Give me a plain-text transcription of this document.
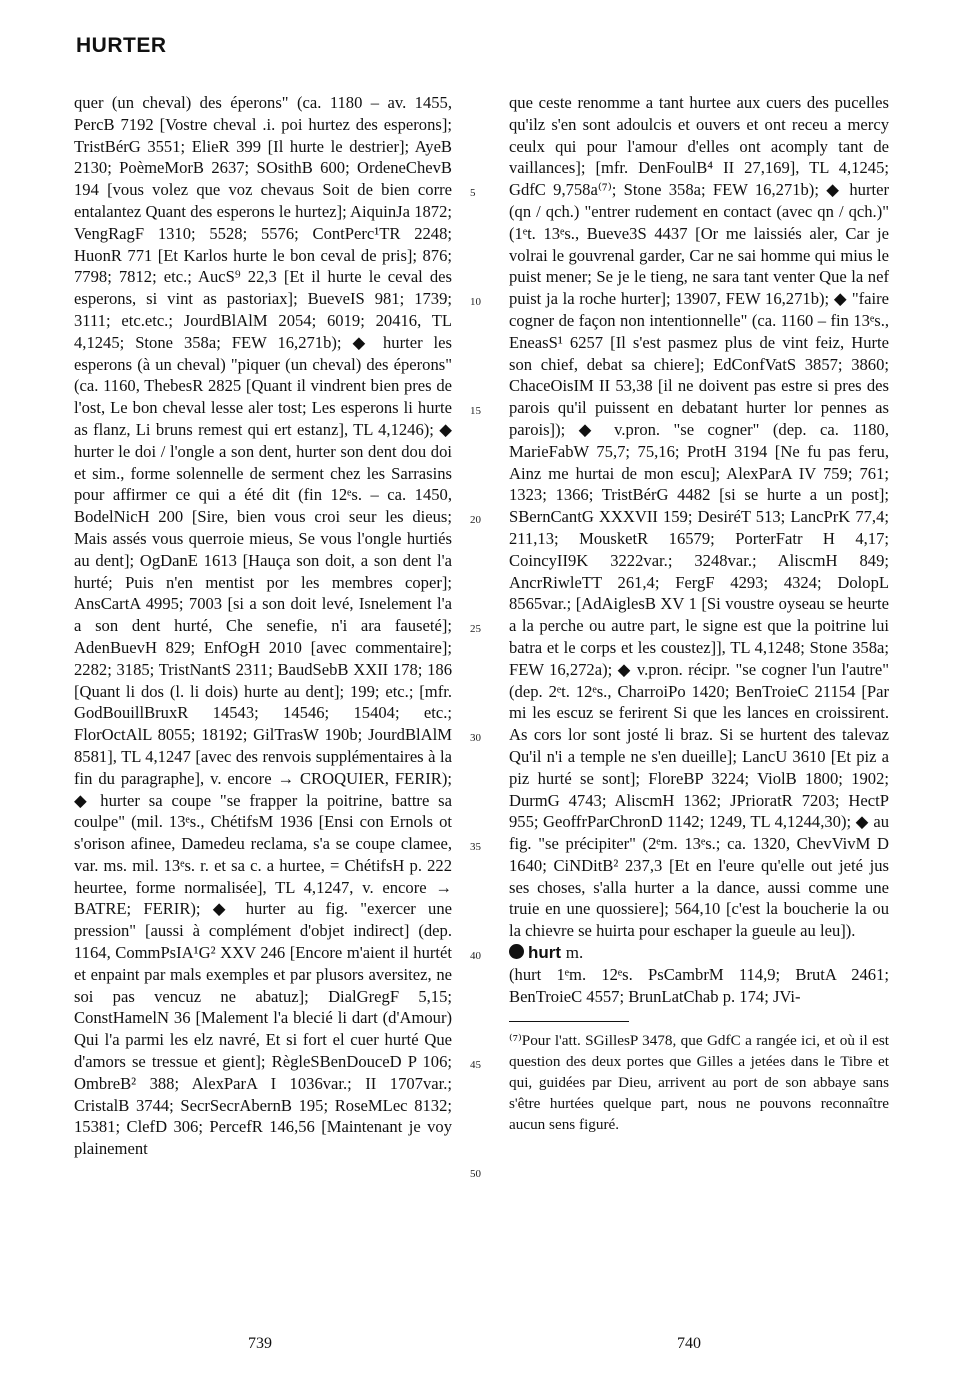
HURTER

quer (un cheval) des éperons" (ca. 1180 – av. 1455, PercB 7192 [Vostre cheval .i. poi hurtez des esperons]; TristBérG 3551; ElieR 399 [Il hurte le destrier]; AyeB 2130; PoèmeMorB 2637; SOsithB 600; OrdeneChevB 194 [vous volez que voz chevaus Soit de bien corre entalantez Quant des esperons le hurtez]; AiquinJa 1872; VengRagF 1310; 5528; 5576; ContPerc¹TR 2248; HuonR 771 [Et Karlos hurte le bon ceval de pris]; 876; 7798; 7812; etc.; AucS⁹ 22,3 [Et il hurte le ceval des esperons, si vint as pastoriax]; BueveIS 981; 1739; 3111; etc.etc.; JourdBlAlM 2054; 6019; 20416, TL 4,1245; Stone 358a; FEW 16,271b); ◆ hurter les esperons (à un cheval) "piquer (un cheval) des éperons" (ca. 1160, ThebesR 2825 [Quant il vindrent bien pres de l'ost, Le bon cheval lesse aler tost; Les esperons li hurte as flanz, Li bruns remest qui ert estanz], TL 4,1246); ◆ hurter le doi / l'ongle a son dent, hurter son dent dou doi et sim., forme solennelle de serment chez les Sarrasins pour affirmer ce qui a été dit (fin 12ᵉs. – ca. 1450, BodelNicH 200 [Sire, bien vous croi seur les dieus; Mais assés vous querroie mieus, Se vous l'ongle hurtiés au dent]; OgDanE 1613 [Hauça son doit, a son dent l'a hurté; Puis n'en mentist por les membres coper]; AnsCartA 4995; 7003 [si a son doit levé, Isnelement l'a a son dent hurté, Che senefie, n'i ara fauseté]; AdenBuevH 829; EnfOgH 2010 [avec commentaire]; 2282; 3185; TristNantS 2311; BaudSebB XXII 178; 186 [Quant li dos (l. li dois) hurte au dent]; 199; etc.; [mfr. GodBouillBruxR 14543; 14546; 15404; etc.; FlorOctAlL 8055; 18192; GilTrasW 190b; JourdBlAlM 8581], TL 4,1247 [avec des renvois supplémentaires à la fin du paragraphe], v. encore → CROQUIER, FERIR); ◆ hurter sa coupe "se frapper la poitrine, battre sa coulpe" (mil. 13ᵉs., ChétifsM 1936 [Ensi con Ernols ot s'orison afinee, Damedeu reclama, s'a se coupe clamee, var. ms. mil. 13ᵉs. r. et sa c. a hurtee, = ChétifsH p. 222 heurtee, forme normalisée], TL 4,1247, v. encore → BATRE; FERIR); ◆ hurter au fig. "exercer une pression" [aussi à complément d'objet indirect] (dep. 1164, CommPsIA¹G² XXV 246 [Encore m'aient il hurtét et enpaint par mals exemples et par plusors aversitez, ne soi pas vencuz ne abatuz]; DialGregF 5,15; ConstHamelN 36 [Malement l'a blecié li dart (d'Amour) Qui l'a parmi les elz navré, Et si fort el cuer hurté Que d'amors se tressue et gient]; RègleSBenDouceD P 106; OmbreB² 388; AlexParA I 1036var.; II 1707var.; CristalB 3744; SecrSecrAbernB 195; RoseMLec 8132; 15381; ClefD 306; PercefR 146,56 [Maintenant je voy plainement

5
10
15
20
25
30
35
40
45
50

que ceste renomme a tant hurtee aux cuers des pucelles qu'ilz s'en sont adoulcis et ouvers et ont receu a mercy ceulx qui pour l'amour d'elles ont acomply tant de vaillances]; [mfr. DenFoulB⁴ II 27,169], TL 4,1245; GdfC 9,758a⁽⁷⁾; Stone 358a; FEW 16,271b); ◆ hurter (qn / qch.) "entrer rudement en contact (avec qn / qch.)" (1ᵉt. 13ᵉs., Bueve3S 4437 [Or me laissiés aler, Car je volrai le gouvrenal garder, Car ne sai homme qui mius le puist mener; Se je le tieng, ne sara tant venter Que la nef puist ja la roche hurter]; 13907, FEW 16,271b); ◆ "faire cogner de façon non intentionnelle" (ca. 1160 – fin 13ᵉs., EneasS¹ 6257 [Il s'est pasmez plus de vint feiz, Hurte son chief, debat sa chiere]; EdConfVatS 3857; 3860; ChaceOisIM II 53,38 [il ne doivent pas estre si pres des parois qu'il puissent en debatant hurter lor pennes as parois]); ◆ v.pron. "se cogner" (dep. ca. 1180, MarieFabW 75,7; 75,16; ProtH 3194 [Ne fu pas feru, Ainz me hurtai de mon escu]; AlexParA IV 759; 761; 1323; 1366; TristBérG 4482 [si se hurte a un post]; SBernCantG XXXVII 159; DesiréT 513; LancPrK 77,4; 211,13; MousketR 16579; PorterFatr H 4,17; CoincyII9K 3222var.; 3248var.; AliscmH 849; AncrRiwleTT 261,4; FergF 4293; 4324; DolopL 8565var.; [AdAiglesB XV 1 [Si voustre oyseau se heurte a la perche ou autre part, le signe est que la poitrine lui batra et le corps et les coustez]], TL 4,1248; Stone 358a; FEW 16,272a); ◆ v.pron. récipr. "se cogner l'un l'autre" (dep. 2ᵉt. 12ᵉs., CharroiPo 1420; BenTroieC 21154 [Par mi les escuz se ferirent Si que les lances en croissirent. As cors lor sont josté li braz. Si se hurtent des talevaz Qu'il n'i a temple ne s'en dueille]; LancU 3610 [Et piz a piz hurté se sont]; FloreBP 3224; ViolB 1800; 1902; DurmG 4743; AliscmH 1362; JPrioratR 7203; HectP 955; GeoffrParChronD 1142; 1249, TL 4,1244,30); ◆ au fig. "se précipiter" (2ᵉm. 13ᵉs.; ca. 1320, ChevVivM D 1640; CiNDitB² 237,3 [Et en l'eure qu'elle out jeté jus ses choses, s'alla hurter a la dance, aussi comme une truie en une quossiere]; 564,10 [c'est la boucherie la ou la chievre se huirta pour eschaper la gueule au leu]).

hurt m.

(hurt 1ᵉm. 12ᵉs. PsCambrM 114,9; BrutA 2461; BenTroieC 4557; BrunLatChab p. 174; JVi-

⁽⁷⁾Pour l'att. SGillesP 3478, que GdfC a rangée ici, et où il est question des deux portes que Gilles a jetées dans le Tibre et qui, guidées par Dieu, arrivent au port de son abbaye sans s'être hurtées quelque part, nous ne pouvons reconnaître aucun sens figuré.

739	740
